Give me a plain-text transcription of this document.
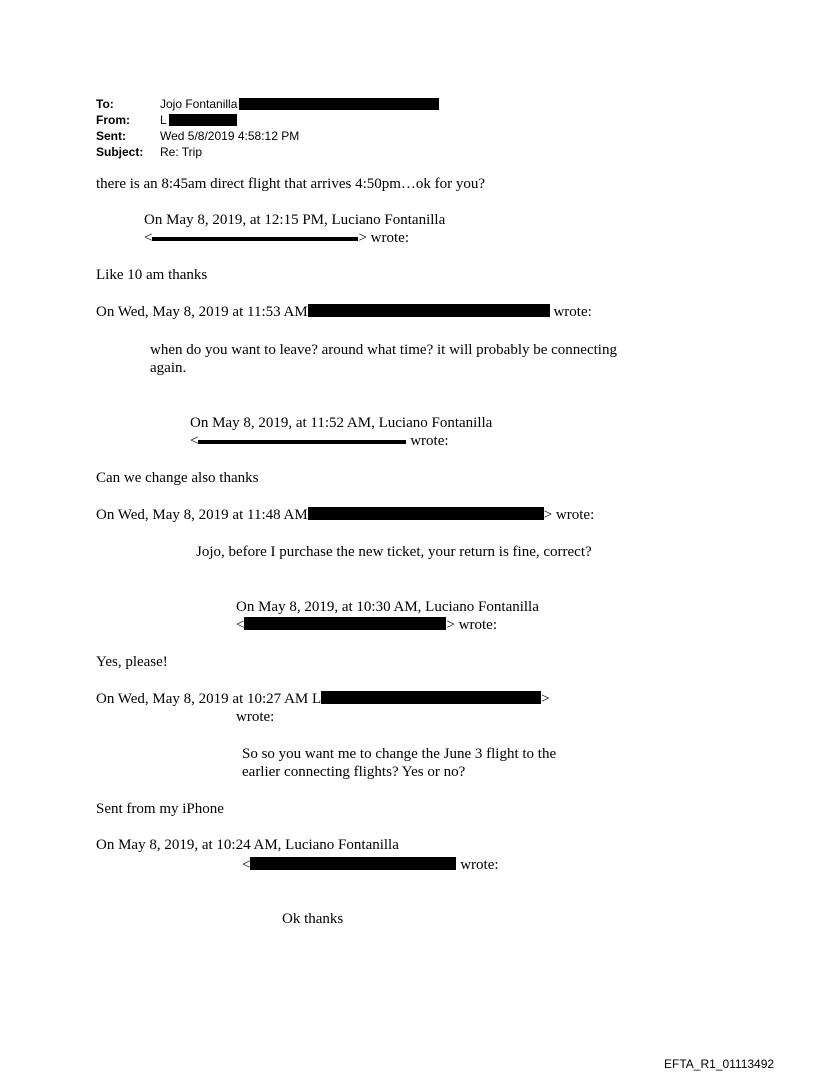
To:	Jojo Fontanilla
From:	L
Sent:	Wed 5/8/2019 4:58:12 PM
Subject:	Re: Trip
there is an 8:45am direct flight that arrives 4:50pm…ok for you?
On May 8, 2019, at 12:15 PM, Luciano Fontanilla
<	> wrote:
Like 10 am thanks
On Wed, May 8, 2019 at 11:53 AM	wrote:
when do you want to leave? around what time? it will probably be connecting
again.
On May 8, 2019, at 11:52 AM, Luciano Fontanilla
<	wrote:
Can we change also thanks
On Wed, May 8, 2019 at 11:48 AM	> wrote:
Jojo, before I purchase the new ticket, your return is fine, correct?
On May 8, 2019, at 10:30 AM, Luciano Fontanilla
<	> wrote:
Yes, please!
On Wed, May 8, 2019 at 10:27 AM L	>
wrote:
So so you want me to change the June 3 flight to the
earlier connecting flights? Yes or no?
Sent from my iPhone
On May 8, 2019, at 10:24 AM, Luciano Fontanilla
<	wrote:
Ok thanks
EFTA_R1_01113492
